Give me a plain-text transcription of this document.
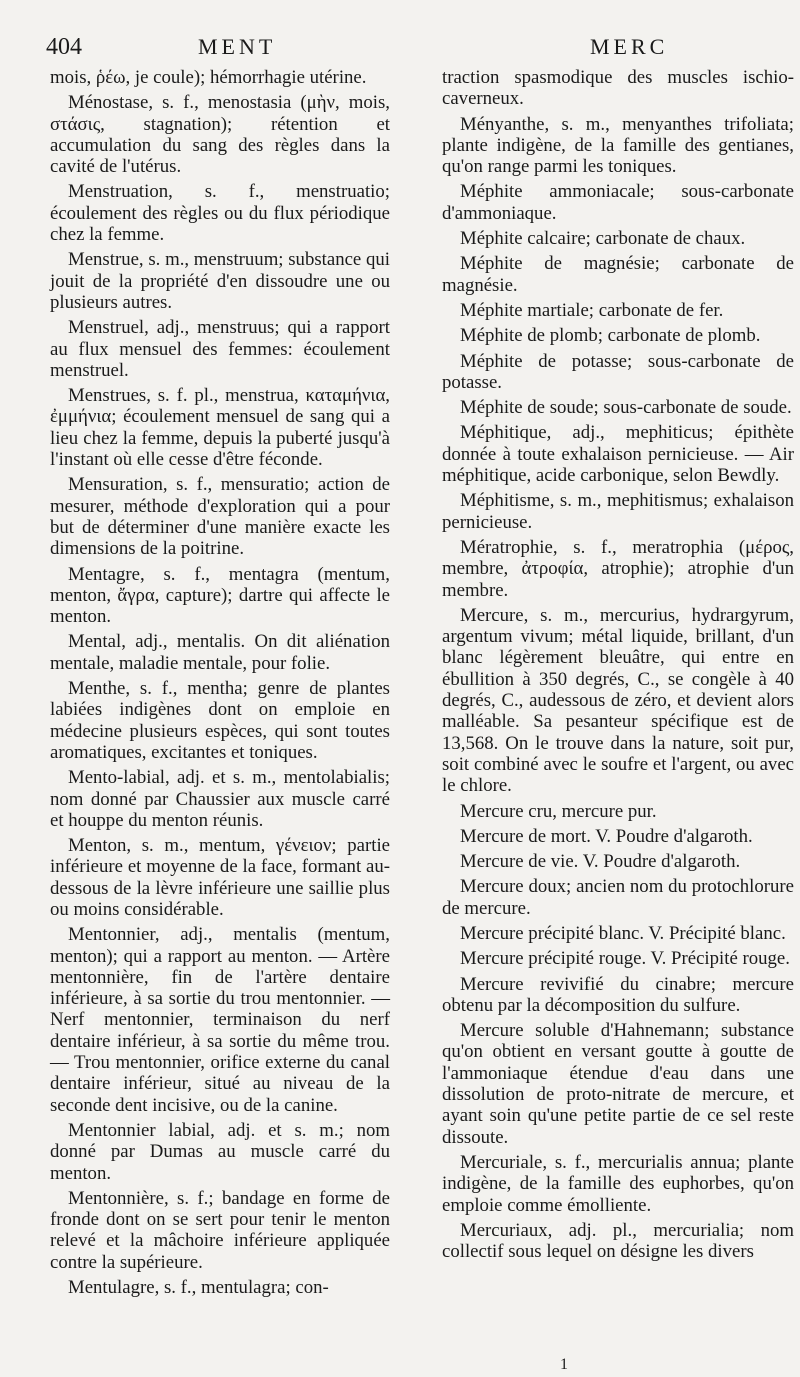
404	MENT	MERC

mois, ῥέω, je coule); hémorrhagie utérine.

Ménostase, s. f., menostasia (μὴν, mois, στάσις, stagnation); rétention et accumulation du sang des règles dans la cavité de l'utérus.

Menstruation, s. f., menstruatio; écoulement des règles ou du flux périodique chez la femme.

Menstrue, s. m., menstruum; substance qui jouit de la propriété d'en dissoudre une ou plusieurs autres.

Menstruel, adj., menstruus; qui a rapport au flux mensuel des femmes: écoulement menstruel.

Menstrues, s. f. pl., menstrua, καταμήνια, ἐμμήνια; écoulement mensuel de sang qui a lieu chez la femme, depuis la puberté jusqu'à l'instant où elle cesse d'être féconde.

Mensuration, s. f., mensuratio; action de mesurer, méthode d'exploration qui a pour but de déterminer d'une manière exacte les dimensions de la poitrine.

Mentagre, s. f., mentagra (mentum, menton, ἄγρα, capture); dartre qui affecte le menton.

Mental, adj., mentalis. On dit aliénation mentale, maladie mentale, pour folie.

Menthe, s. f., mentha; genre de plantes labiées indigènes dont on emploie en médecine plusieurs espèces, qui sont toutes aromatiques, excitantes et toniques.

Mento-labial, adj. et s. m., mentolabialis; nom donné par Chaussier aux muscle carré et houppe du menton réunis.

Menton, s. m., mentum, γένειον; partie inférieure et moyenne de la face, formant au-dessous de la lèvre inférieure une saillie plus ou moins considérable.

Mentonnier, adj., mentalis (mentum, menton); qui a rapport au menton. — Artère mentonnière, fin de l'artère dentaire inférieure, à sa sortie du trou mentonnier. — Nerf mentonnier, terminaison du nerf dentaire inférieur, à sa sortie du même trou. — Trou mentonnier, orifice externe du canal dentaire inférieur, situé au niveau de la seconde dent incisive, ou de la canine.

Mentonnier labial, adj. et s. m.; nom donné par Dumas au muscle carré du menton.

Mentonnière, s. f.; bandage en forme de fronde dont on se sert pour tenir le menton relevé et la mâchoire inférieure appliquée contre la supérieure.

Mentulagre, s. f., mentulagra; con-

traction spasmodique des muscles ischio-caverneux.

Ményanthe, s. m., menyanthes trifoliata; plante indigène, de la famille des gentianes, qu'on range parmi les toniques.

Méphite ammoniacale; sous-carbonate d'ammoniaque.

Méphite calcaire; carbonate de chaux.

Méphite de magnésie; carbonate de magnésie.

Méphite martiale; carbonate de fer.

Méphite de plomb; carbonate de plomb.

Méphite de potasse; sous-carbonate de potasse.

Méphite de soude; sous-carbonate de soude.

Méphitique, adj., mephiticus; épithète donnée à toute exhalaison pernicieuse. — Air méphitique, acide carbonique, selon Bewdly.

Méphitisme, s. m., mephitismus; exhalaison pernicieuse.

Mératrophie, s. f., meratrophia (μέρος, membre, ἀτροφία, atrophie); atrophie d'un membre.

Mercure, s. m., mercurius, hydrargyrum, argentum vivum; métal liquide, brillant, d'un blanc légèrement bleuâtre, qui entre en ébullition à 350 degrés, C., se congèle à 40 degrés, C., audessous de zéro, et devient alors malléable. Sa pesanteur spécifique est de 13,568. On le trouve dans la nature, soit pur, soit combiné avec le soufre et l'argent, ou avec le chlore.

Mercure cru, mercure pur.

Mercure de mort. V. Poudre d'algaroth.

Mercure de vie. V. Poudre d'algaroth.

Mercure doux; ancien nom du protochlorure de mercure.

Mercure précipité blanc. V. Précipité blanc.

Mercure précipité rouge. V. Précipité rouge.

Mercure revivifié du cinabre; mercure obtenu par la décomposition du sulfure.

Mercure soluble d'Hahnemann; substance qu'on obtient en versant goutte à goutte de l'ammoniaque étendue d'eau dans une dissolution de proto-nitrate de mercure, et ayant soin qu'une petite partie de ce sel reste dissoute.

Mercuriale, s. f., mercurialis annua; plante indigène, de la famille des euphorbes, qu'on emploie comme émolliente.

Mercuriaux, adj. pl., mercurialia; nom collectif sous lequel on désigne les divers

1
